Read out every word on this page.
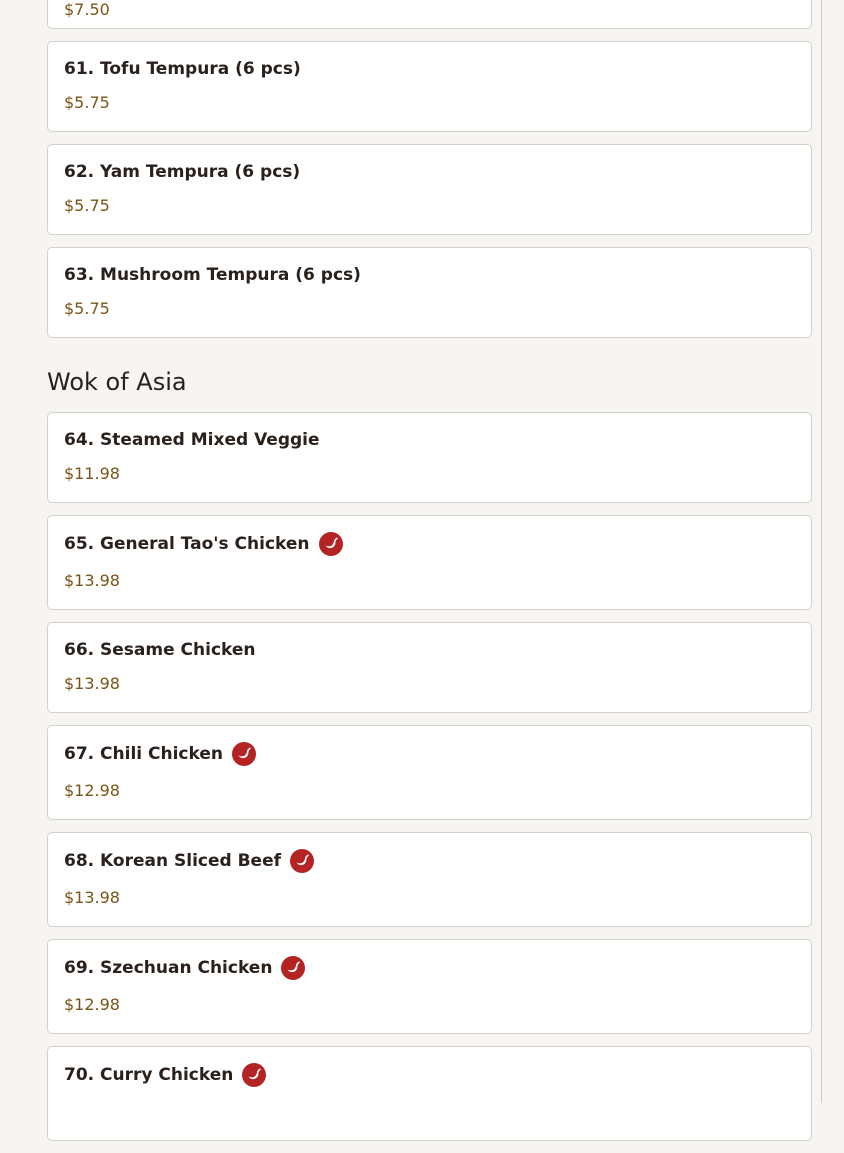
$7.50
61. Tofu Tempura (6 pcs)
$5.75
62. Yam Tempura (6 pcs)
$5.75
63. Mushroom Tempura (6 pcs)
$5.75
Wok of Asia
64. Steamed Mixed Veggie
$11.98
65. General Tao's Chicken
$13.98
66. Sesame Chicken
$13.98
67. Chili Chicken
$12.98
68. Korean Sliced Beef
$13.98
69. Szechuan Chicken
$12.98
70. Curry Chicken
